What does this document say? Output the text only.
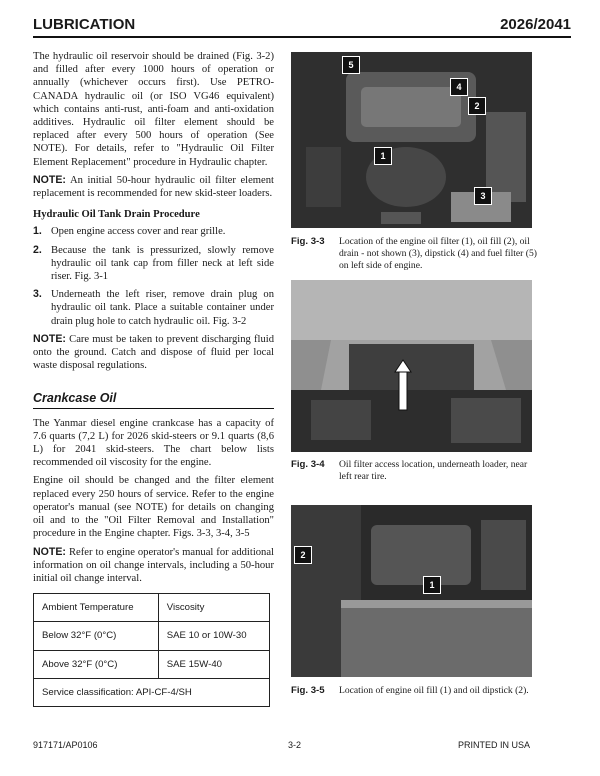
LUBRICATION	2026/2041

The hydraulic oil reservoir should be drained (Fig. 3-2) and filled after every 1000 hours of operation or annually (whichever occurs first). Use PETRO-CANADA hydraulic oil (or ISO VG46 equivalent) which contains anti-rust, anti-foam and anti-oxidation additives. Hydraulic oil filter element should be replaced after every 500 hours of operation (See NOTE). For details, refer to "Hydraulic Oil Filter Element Replacement" procedure in Hydraulic chapter.

NOTE: An initial 50-hour hydraulic oil filter element replacement is recommended for new skid-steer loaders.

Hydraulic Oil Tank Drain Procedure
1. Open engine access cover and rear grille.
2. Because the tank is pressurized, slowly remove hydraulic oil tank cap from filler neck at left side riser. Fig. 3-1
3. Underneath the left riser, remove drain plug on hydraulic oil tank. Place a suitable container under drain plug hole to catch hydraulic oil. Fig. 3-2

NOTE: Care must be taken to prevent discharging fluid onto the ground. Catch and dispose of fluid per local waste disposal regulations.

Crankcase Oil

The Yanmar diesel engine crankcase has a capacity of 7.6 quarts (7,2 L) for 2026 skid-steers or 9.1 quarts (8,6 L) for 2041 skid-steers. The chart below lists recommended oil viscosity for the engine.

Engine oil should be changed and the filter element replaced every 250 hours of service. Refer to the engine operator's manual (see NOTE) for details on changing oil and to the "Oil Filter Removal and Installation" procedure in the Engine chapter. Figs. 3-3, 3-4, 3-5

NOTE: Refer to engine operator's manual for additional information on oil change intervals, including a 50-hour initial oil change interval.

Ambient Temperature	Viscosity
Below 32°F (0°C)	SAE 10 or 10W-30
Above 32°F (0°C)	SAE 15W-40
Service classification: API-CF-4/SH	
5
4
2
1
3
Fig. 3-3	Location of the engine oil filter (1), oil fill (2), oil drain - not shown (3), dipstick (4) and fuel filter (5) on left side of engine.
Fig. 3-4	Oil filter access location, underneath loader, near left rear tire.
2
1
Fig. 3-5	Location of engine oil fill (1) and oil dipstick (2).
917171/AP0106	3-2	PRINTED IN USA
